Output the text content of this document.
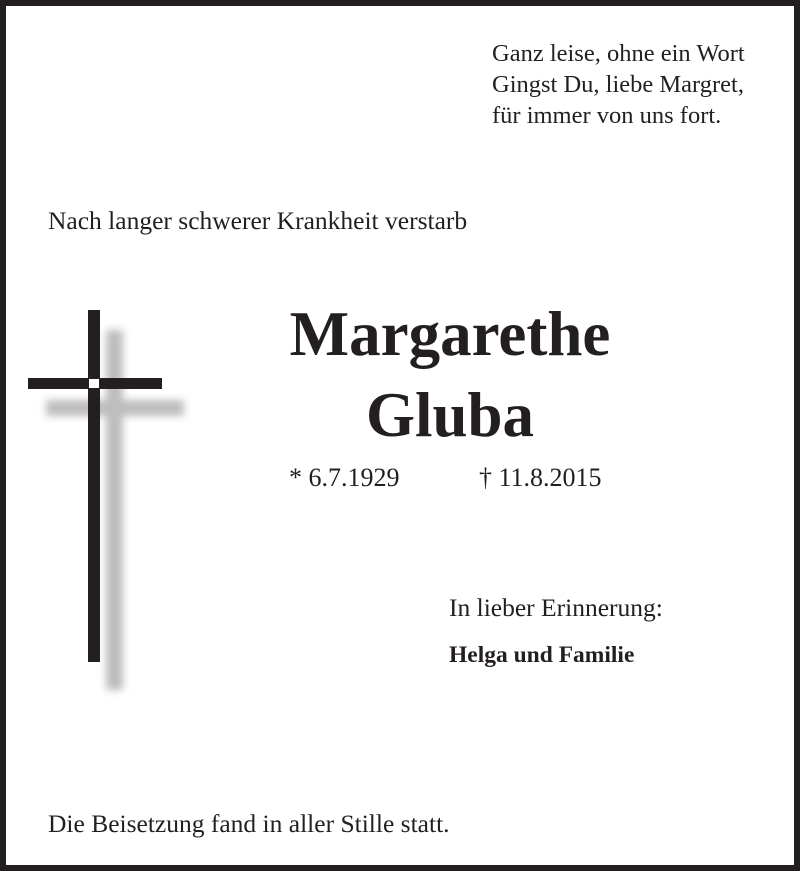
Ganz leise, ohne ein Wort
Gingst Du, liebe Margret,
für immer von uns fort.
Nach langer schwerer Krankheit verstarb
Margarethe
Gluba
* 6.7.1929	† 11.8.2015
In lieber Erinnerung:
Helga und Familie
Die Beisetzung fand in aller Stille statt.
